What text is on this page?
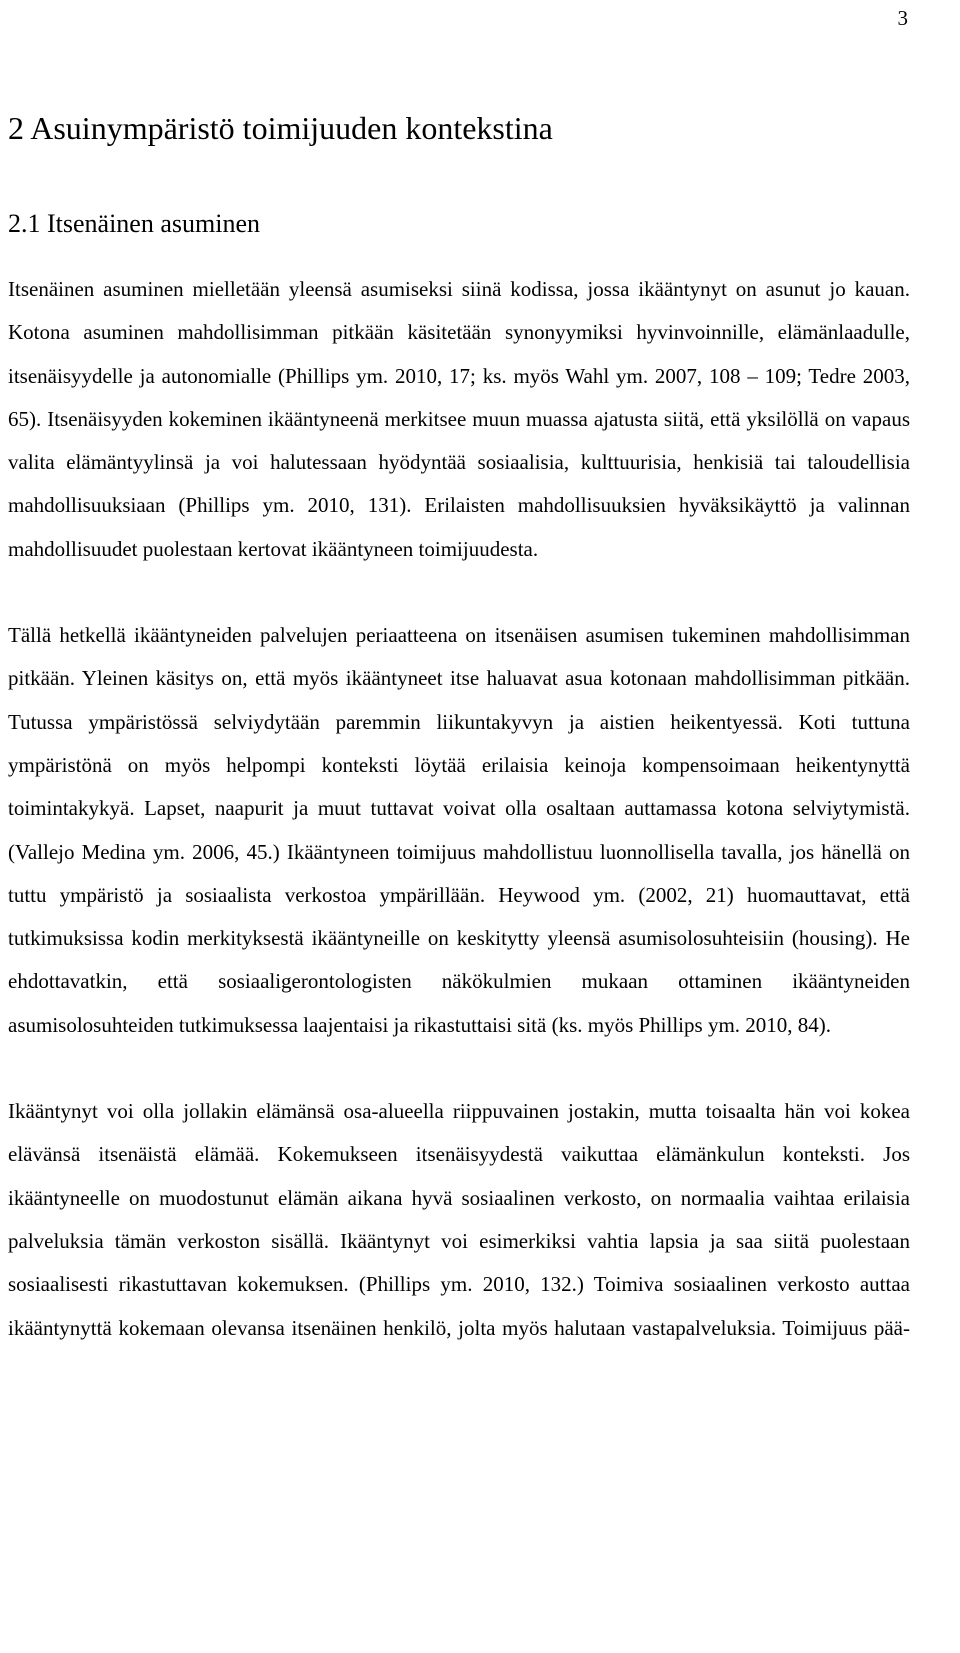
3
2 Asuinympäristö toimijuuden kontekstina
2.1 Itsenäinen asuminen

Itsenäinen asuminen mielletään yleensä asumiseksi siinä kodissa, jossa ikääntynyt on asunut jo kauan. Kotona asuminen mahdollisimman pitkään käsitetään synonyymiksi hyvinvoinnille, elämänlaadulle, itsenäisyydelle ja autonomialle (Phillips ym. 2010, 17; ks. myös Wahl ym. 2007, 108 – 109; Tedre 2003, 65). Itsenäisyyden kokeminen ikääntyneenä merkitsee muun muassa ajatusta siitä, että yksilöllä on vapaus valita elämäntyylinsä ja voi halutessaan hyödyntää sosiaalisia, kulttuurisia, henkisiä tai taloudellisia mahdollisuuksiaan (Phillips ym. 2010, 131). Erilaisten mahdollisuuksien hyväksikäyttö ja valinnan mahdollisuudet puolestaan kertovat ikääntyneen toimijuudesta.

Tällä hetkellä ikääntyneiden palvelujen periaatteena on itsenäisen asumisen tukeminen mahdollisimman pitkään. Yleinen käsitys on, että myös ikääntyneet itse haluavat asua kotonaan mahdollisimman pitkään. Tutussa ympäristössä selviydytään paremmin liikuntakyvyn ja aistien heikentyessä. Koti tuttuna ympäristönä on myös helpompi konteksti löytää erilaisia keinoja kompensoimaan heikentynyttä toimintakykyä. Lapset, naapurit ja muut tuttavat voivat olla osaltaan auttamassa kotona selviytymistä. (Vallejo Medina ym. 2006, 45.) Ikääntyneen toimijuus mahdollistuu luonnollisella tavalla, jos hänellä on tuttu ympäristö ja sosiaalista verkostoa ympärillään. Heywood ym. (2002, 21) huomauttavat, että tutkimuksissa kodin merkityksestä ikääntyneille on keskitytty yleensä asumisolosuhteisiin (housing). He ehdottavatkin, että sosiaaligerontologisten näkökulmien mukaan ottaminen ikääntyneiden asumisolosuhteiden tutkimuksessa laajentaisi ja rikastuttaisi sitä (ks. myös Phillips ym. 2010, 84).

Ikääntynyt voi olla jollakin elämänsä osa-alueella riippuvainen jostakin, mutta toisaalta hän voi kokea elävänsä itsenäistä elämää. Kokemukseen itsenäisyydestä vaikuttaa elämänkulun konteksti. Jos ikääntyneelle on muodostunut elämän aikana hyvä sosiaalinen verkosto, on normaalia vaihtaa erilaisia palveluksia tämän verkoston sisällä. Ikääntynyt voi esimerkiksi vahtia lapsia ja saa siitä puolestaan sosiaalisesti rikastuttavan kokemuksen. (Phillips ym. 2010, 132.) Toimiva sosiaalinen verkosto auttaa ikääntynyttä kokemaan olevansa itsenäinen henkilö, jolta myös halutaan vastapalveluksia. Toimijuus pää-
